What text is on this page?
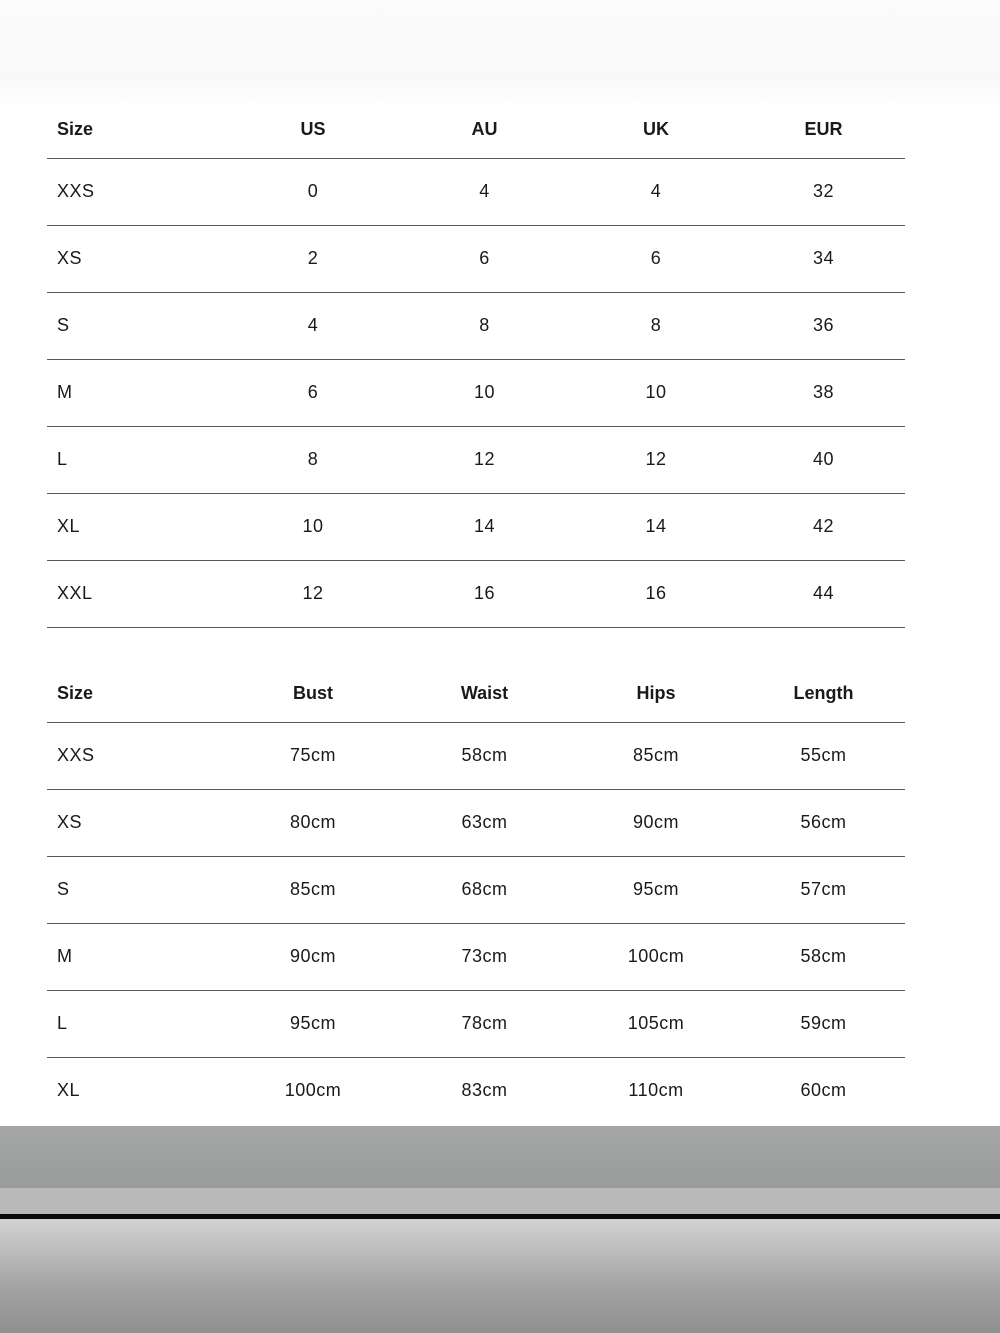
Size	US	AU	UK	EUR
XXS	0	4	4	32
XS	2	6	6	34
S	4	8	8	36
M	6	10	10	38
L	8	12	12	40
XL	10	14	14	42
XXL	12	16	16	44
Size	Bust	Waist	Hips	Length
XXS	75cm	58cm	85cm	55cm
XS	80cm	63cm	90cm	56cm
S	85cm	68cm	95cm	57cm
M	90cm	73cm	100cm	58cm
L	95cm	78cm	105cm	59cm
XL	100cm	83cm	110cm	60cm
